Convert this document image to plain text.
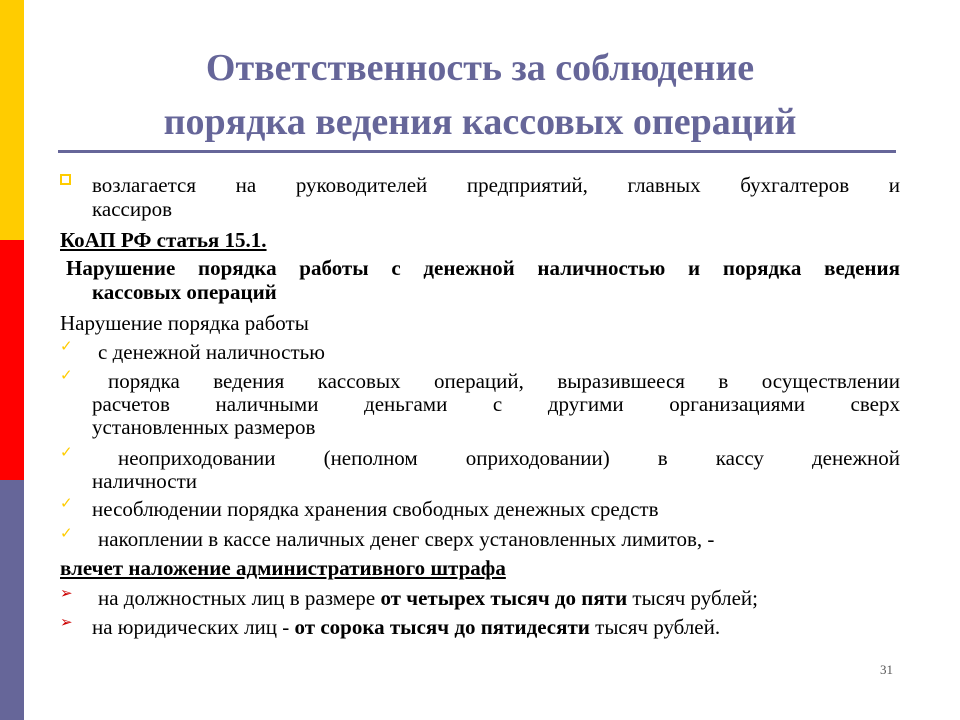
Ответственность за соблюдение
порядка ведения кассовых операций
возлагается на руководителей предприятий, главных бухгалтеров и
кассиров
КоАП РФ статья 15.1.
Нарушение порядка работы с денежной наличностью и порядка ведения
кассовых операций
Нарушение порядка работы
✓ с денежной наличностью
✓ порядка ведения кассовых операций, выразившееся в осуществлении
расчетов наличными деньгами с другими организациями сверх
установленных размеров
✓ неоприходовании (неполном оприходовании) в кассу денежной
наличности
✓ несоблюдении порядка хранения свободных денежных средств
✓ накоплении в кассе наличных денег сверх установленных лимитов, -
влечет наложение административного штрафа
➢ на должностных лиц в размере от четырех тысяч до пяти тысяч рублей;
➢ на юридических лиц - от сорока тысяч до пятидесяти тысяч рублей.
31
